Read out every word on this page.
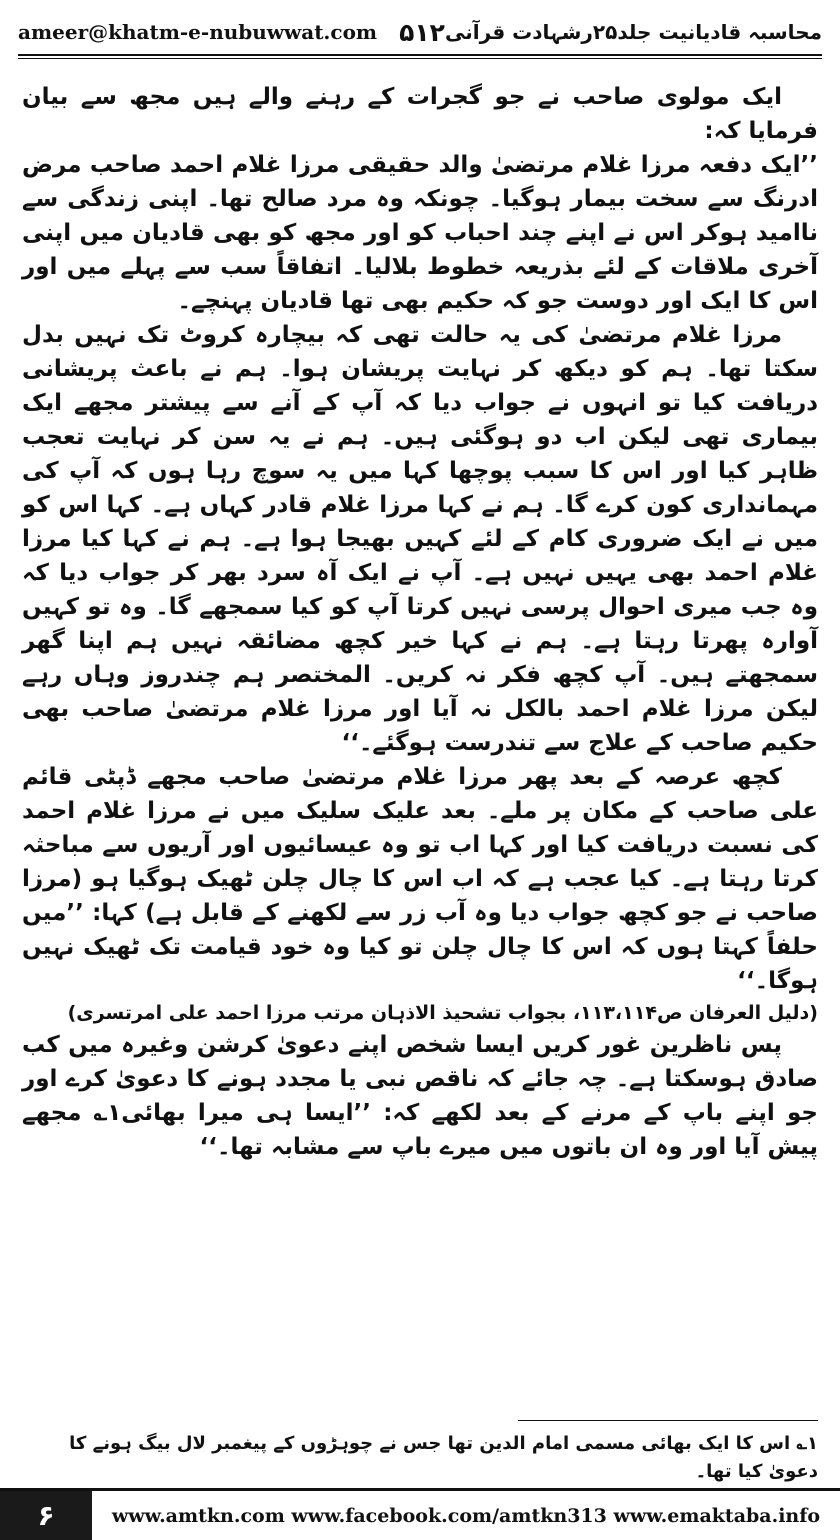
ameer@khatm-e-nubuwwat.com ۵۱۲ محاسبہ قادیانیت جلد۲۵رشہادت قرآنی

ایک مولوی صاحب نے جو گجرات کے رہنے والے ہیں مجھ سے بیان فرمایا کہ:

’’ایک دفعہ مرزا غلام مرتضیٰ والد حقیقی مرزا غلام احمد صاحب مرض ادرنگ سے سخت بیمار ہوگیا۔ چونکہ وہ مرد صالح تھا۔ اپنی زندگی سے ناامید ہوکر اس نے اپنے چند احباب کو اور مجھ کو بھی قادیان میں اپنی آخری ملاقات کے لئے بذریعہ خطوط بلالیا۔ اتفاقاً سب سے پہلے میں اور اس کا ایک اور دوست جو کہ حکیم بھی تھا قادیان پہنچے۔

مرزا غلام مرتضیٰ کی یہ حالت تھی کہ بیچارہ کروٹ تک نہیں بدل سکتا تھا۔ ہم کو دیکھ کر نہایت پریشان ہوا۔ ہم نے باعث پریشانی دریافت کیا تو انہوں نے جواب دیا کہ آپ کے آنے سے پیشتر مجھے ایک بیماری تھی لیکن اب دو ہوگئی ہیں۔ ہم نے یہ سن کر نہایت تعجب ظاہر کیا اور اس کا سبب پوچھا کہا میں یہ سوچ رہا ہوں کہ آپ کی مہمانداری کون کرے گا۔ ہم نے کہا مرزا غلام قادر کہاں ہے۔ کہا اس کو میں نے ایک ضروری کام کے لئے کہیں بھیجا ہوا ہے۔ ہم نے کہا کیا مرزا غلام احمد بھی یہیں نہیں ہے۔ آپ نے ایک آہ سرد بھر کر جواب دیا کہ وہ جب میری احوال پرسی نہیں کرتا آپ کو کیا سمجھے گا۔ وہ تو کہیں آوارہ پھرتا رہتا ہے۔ ہم نے کہا خیر کچھ مضائقہ نہیں ہم اپنا گھر سمجھتے ہیں۔ آپ کچھ فکر نہ کریں۔ المختصر ہم چندروز وہاں رہے لیکن مرزا غلام احمد بالکل نہ آیا اور مرزا غلام مرتضیٰ صاحب بھی حکیم صاحب کے علاج سے تندرست ہوگئے۔‘‘

کچھ عرصہ کے بعد پھر مرزا غلام مرتضیٰ صاحب مجھے ڈپٹی قائم علی صاحب کے مکان پر ملے۔ بعد علیک سلیک میں نے مرزا غلام احمد کی نسبت دریافت کیا اور کہا اب تو وہ عیسائیوں اور آریوں سے مباحثہ کرتا رہتا ہے۔ کیا عجب ہے کہ اب اس کا چال چلن ٹھیک ہوگیا ہو (مرزا صاحب نے جو کچھ جواب دیا وہ آب زر سے لکھنے کے قابل ہے) کہا: ’’میں حلفاً کہتا ہوں کہ اس کا چال چلن تو کیا وہ خود قیامت تک ٹھیک نہیں ہوگا۔‘‘

(دلیل العرفان ص۱۱۳،۱۱۴، بجواب تشحیذ الاذہان مرتب مرزا احمد علی امرتسری)

پس ناظرین غور کریں ایسا شخص اپنے دعویٰ کرشن وغیرہ میں کب صادق ہوسکتا ہے۔ چہ جائے کہ ناقص نبی یا مجدد ہونے کا دعویٰ کرے اور جو اپنے باپ کے مرنے کے بعد لکھے کہ: ’’ایسا ہی میرا بھائی۱؎ مجھے پیش آیا اور وہ ان باتوں میں میرے باپ سے مشابہ تھا۔‘‘

۱؎ اس کا ایک بھائی مسمی امام الدین تھا جس نے چوہڑوں کے پیغمبر لال بیگ ہونے کا دعویٰ کیا تھا۔
۶	www.amtkn.com www.facebook.com/amtkn313 www.emaktaba.info
